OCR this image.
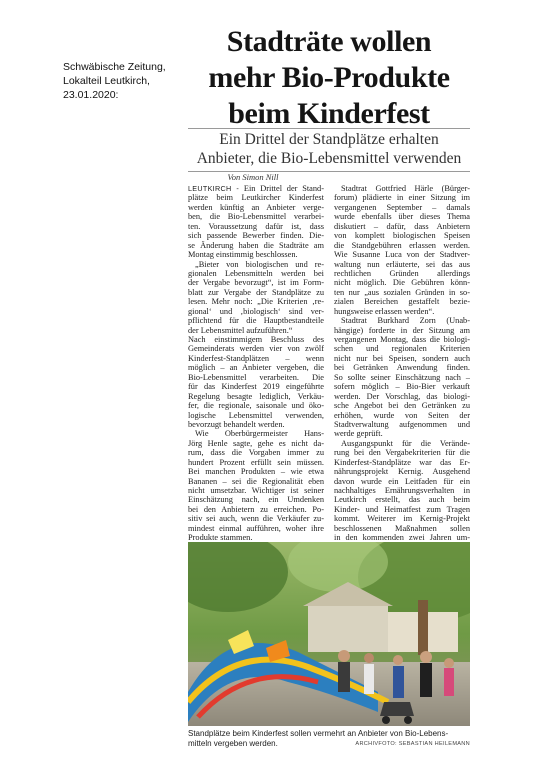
Schwäbische Zeitung,
Lokalteil Leutkirch,
23.01.2020:
Stadträte wollen
mehr Bio-Produkte
beim Kinderfest
Ein Drittel der Standplätze erhalten
Anbieter, die Bio-Lebensmittel verwenden
Von Simon Nill
LEUTKIRCH - Ein Drittel der Stand-
plätze beim Leutkircher Kinderfest
werden künftig an Anbieter verge-
ben, die Bio-Lebensmittel verarbei-
ten. Voraussetzung dafür ist, dass
sich passende Bewerber finden. Die-
se Änderung haben die Stadträte am
Montag einstimmig beschlossen.
„Bieter von biologischen und re-
gionalen Lebensmitteln werden bei
der Vergabe bevorzugt“, ist im Form-
blatt zur Vergabe der Standplätze zu
lesen. Mehr noch: „Die Kriterien ‚re-
gional‘ und ‚biologisch‘ sind ver-
pflichtend für die Hauptbestandteile
der Lebensmittel aufzuführen.“
Nach einstimmigem Beschluss des
Gemeinderats werden vier von zwölf
Kinderfest-Standplätzen – wenn
möglich – an Anbieter vergeben, die
Bio-Lebensmittel verarbeiten. Die
für das Kinderfest 2019 eingeführte
Regelung besagte lediglich, Verkäu-
fer, die regionale, saisonale und öko-
logische Lebensmittel verwenden,
bevorzugt behandelt werden.
Wie Oberbürgermeister Hans-
Jörg Henle sagte, gehe es nicht da-
rum, dass die Vorgaben immer zu
hundert Prozent erfüllt sein müssen.
Bei manchen Produkten – wie etwa
Bananen – sei die Regionalität eben
nicht umsetzbar. Wichtiger ist seiner
Einschätzung nach, ein Umdenken
bei den Anbietern zu erreichen. Po-
sitiv sei auch, wenn die Verkäufer zu-
mindest einmal aufführen, woher ihre
Produkte stammen.
Stadtrat Gottfried Härle (Bürger-
forum) plädierte in einer Sitzung im
vergangenen September – damals
wurde ebenfalls über dieses Thema
diskutiert – dafür, dass Anbietern
von komplett biologischen Speisen
die Standgebühren erlassen werden.
Wie Susanne Luca von der Stadtver-
waltung nun erläuterte, sei das aus
rechtlichen Gründen allerdings
nicht möglich. Die Gebühren könn-
ten nur „aus sozialen Gründen in so-
zialen Bereichen gestaffelt bezie-
hungsweise erlassen werden“.
Stadtrat Burkhard Zorn (Unab-
hängige) forderte in der Sitzung am
vergangenen Montag, dass die biologi-
schen und regionalen Kriterien
nicht nur bei Speisen, sondern auch
bei Getränken Anwendung finden.
So sollte seiner Einschätzung nach –
sofern möglich – Bio-Bier verkauft
werden. Der Vorschlag, das biologi-
sche Angebot bei den Getränken zu
erhöhen, wurde von Seiten der
Stadtverwaltung aufgenommen und
werde geprüft.
Ausgangspunkt für die Verände-
rung bei den Vergabekriterien für die
Kinderfest-Standplätze war das Er-
nährungsprojekt Kernig. Ausgehend
davon wurde ein Leitfaden für ein
nachhaltiges Ernährungsverhalten in
Leutkirch erstellt, das auch beim
Kinder- und Heimatfest zum Tragen
kommt. Weiterer im Kernig-Projekt
beschlossenen Maßnahmen sollen
in den kommenden zwei Jahren um-
Standplätze beim Kinderfest sollen vermehrt an Anbieter von Bio-Lebens-
mitteln vergeben werden.	ARCHIVFOTO: SEBASTIAN HEILEMANN
